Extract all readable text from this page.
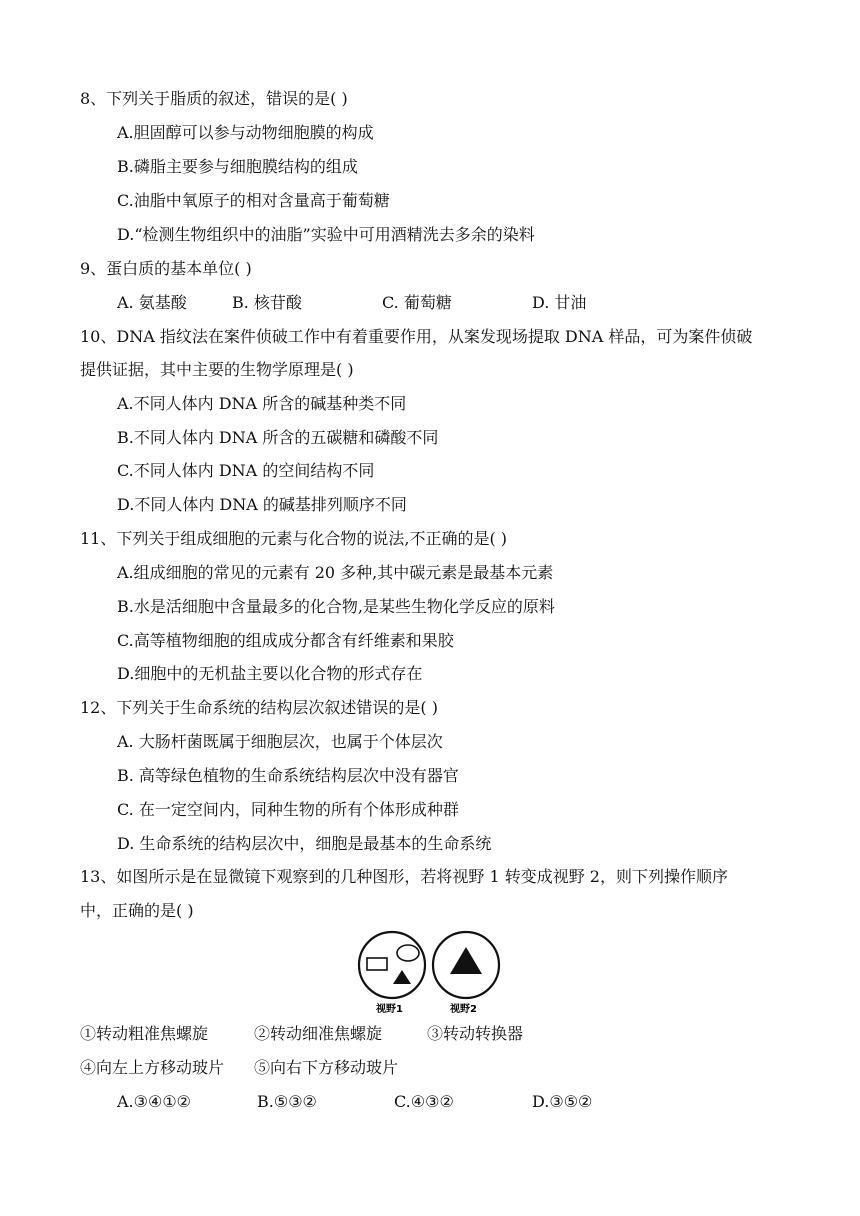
8、下列关于脂质的叙述，错误的是( )
A.胆固醇可以参与动物细胞膜的构成
B.磷脂主要参与细胞膜结构的组成
C.油脂中氧原子的相对含量高于葡萄糖
D.“检测生物组织中的油脂”实验中可用酒精洗去多余的染料
9、蛋白质的基本单位( )
A. 氨基酸	B. 核苷酸	C. 葡萄糖	D. 甘油
10、DNA 指纹法在案件侦破工作中有着重要作用，从案发现场提取 DNA 样品，可为案件侦破
提供证据，其中主要的生物学原理是( )
A.不同人体内 DNA 所含的碱基种类不同
B.不同人体内 DNA 所含的五碳糖和磷酸不同
C.不同人体内 DNA 的空间结构不同
D.不同人体内 DNA 的碱基排列顺序不同
11、下列关于组成细胞的元素与化合物的说法,不正确的是( )
A.组成细胞的常见的元素有 20 多种,其中碳元素是最基本元素
B.水是活细胞中含量最多的化合物,是某些生物化学反应的原料
C.高等植物细胞的组成成分都含有纤维素和果胶
D.细胞中的无机盐主要以化合物的形式存在
12、下列关于生命系统的结构层次叙述错误的是( )
A. 大肠杆菌既属于细胞层次，也属于个体层次
B. 高等绿色植物的生命系统结构层次中没有器官
C. 在一定空间内，同种生物的所有个体形成种群
D. 生命系统的结构层次中，细胞是最基本的生命系统
13、如图所示是在显微镜下观察到的几种图形，若将视野 1 转变成视野 2，则下列操作顺序
中，正确的是( )
视野1	视野2
①转动粗准焦螺旋	②转动细准焦螺旋	③转动转换器
④向左上方移动玻片 ⑤向右下方移动玻片
A.③④①②	B.⑤③②	C.④③②	D.③⑤②
